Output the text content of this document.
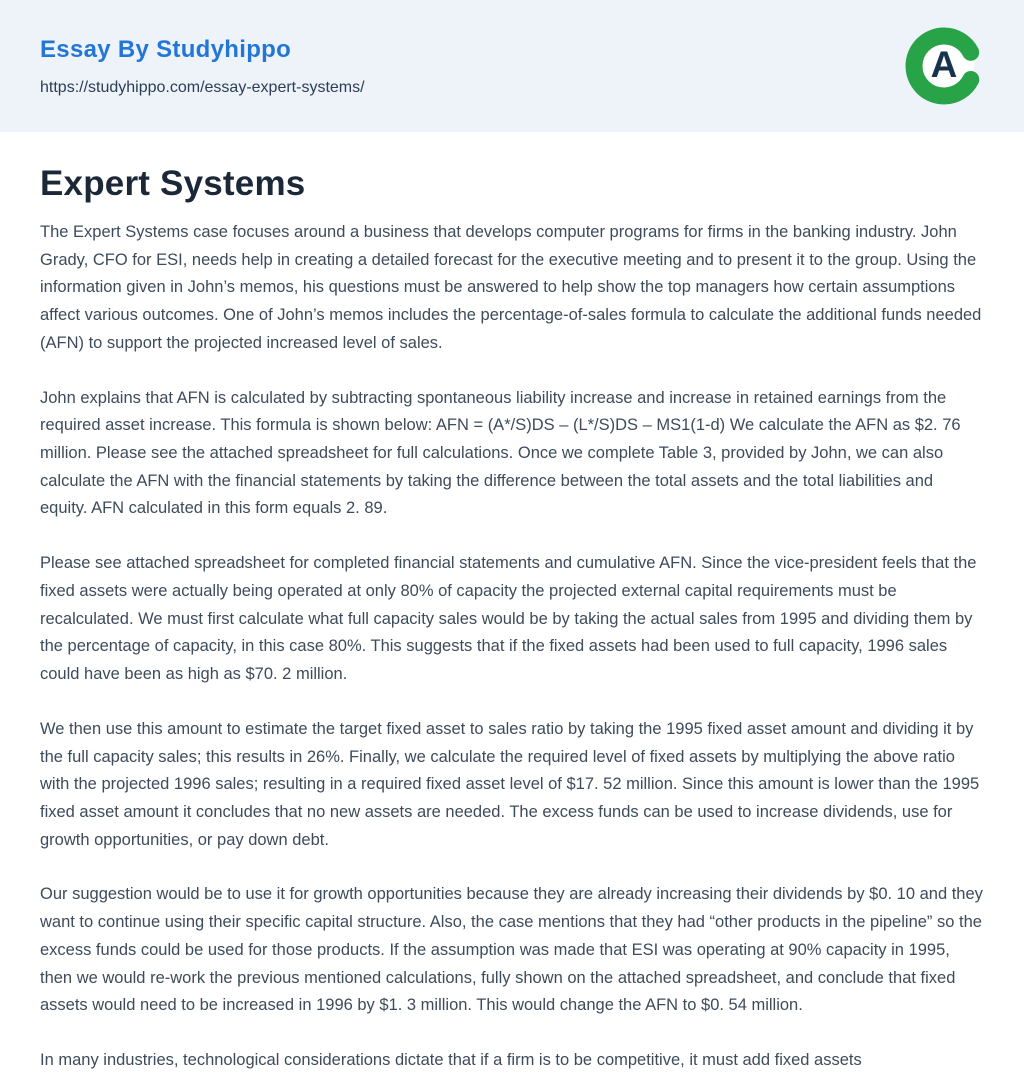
Essay By Studyhippo
https://studyhippo.com/essay-expert-systems/
A
Expert Systems

The Expert Systems case focuses around a business that develops computer programs for firms in the banking industry. John Grady, CFO for ESI, needs help in creating a detailed forecast for the executive meeting and to present it to the group. Using the information given in John’s memos, his questions must be answered to help show the top managers how certain assumptions affect various outcomes. One of John’s memos includes the percentage-of-sales formula to calculate the additional funds needed (AFN) to support the projected increased level of sales.

John explains that AFN is calculated by subtracting spontaneous liability increase and increase in retained earnings from the required asset increase. This formula is shown below: AFN = (A*/S)DS – (L*/S)DS – MS1(1-d) We calculate the AFN as $2. 76 million. Please see the attached spreadsheet for full calculations. Once we complete Table 3, provided by John, we can also calculate the AFN with the financial statements by taking the difference between the total assets and the total liabilities and equity. AFN calculated in this form equals 2. 89.

Please see attached spreadsheet for completed financial statements and cumulative AFN. Since the vice-president feels that the fixed assets were actually being operated at only 80% of capacity the projected external capital requirements must be recalculated. We must first calculate what full capacity sales would be by taking the actual sales from 1995 and dividing them by the percentage of capacity, in this case 80%. This suggests that if the fixed assets had been used to full capacity, 1996 sales could have been as high as $70. 2 million.

We then use this amount to estimate the target fixed asset to sales ratio by taking the 1995 fixed asset amount and dividing it by the full capacity sales; this results in 26%. Finally, we calculate the required level of fixed assets by multiplying the above ratio with the projected 1996 sales; resulting in a required fixed asset level of $17. 52 million. Since this amount is lower than the 1995 fixed asset amount it concludes that no new assets are needed. The excess funds can be used to increase dividends, use for growth opportunities, or pay down debt.

Our suggestion would be to use it for growth opportunities because they are already increasing their dividends by $0. 10 and they want to continue using their specific capital structure. Also, the case mentions that they had “other products in the pipeline” so the excess funds could be used for those products. If the assumption was made that ESI was operating at 90% capacity in 1995, then we would re-work the previous mentioned calculations, fully shown on the attached spreadsheet, and conclude that fixed assets would need to be increased in 1996 by $1. 3 million. This would change the AFN to $0. 54 million.

In many industries, technological considerations dictate that if a firm is to be competitive, it must add fixed assets
